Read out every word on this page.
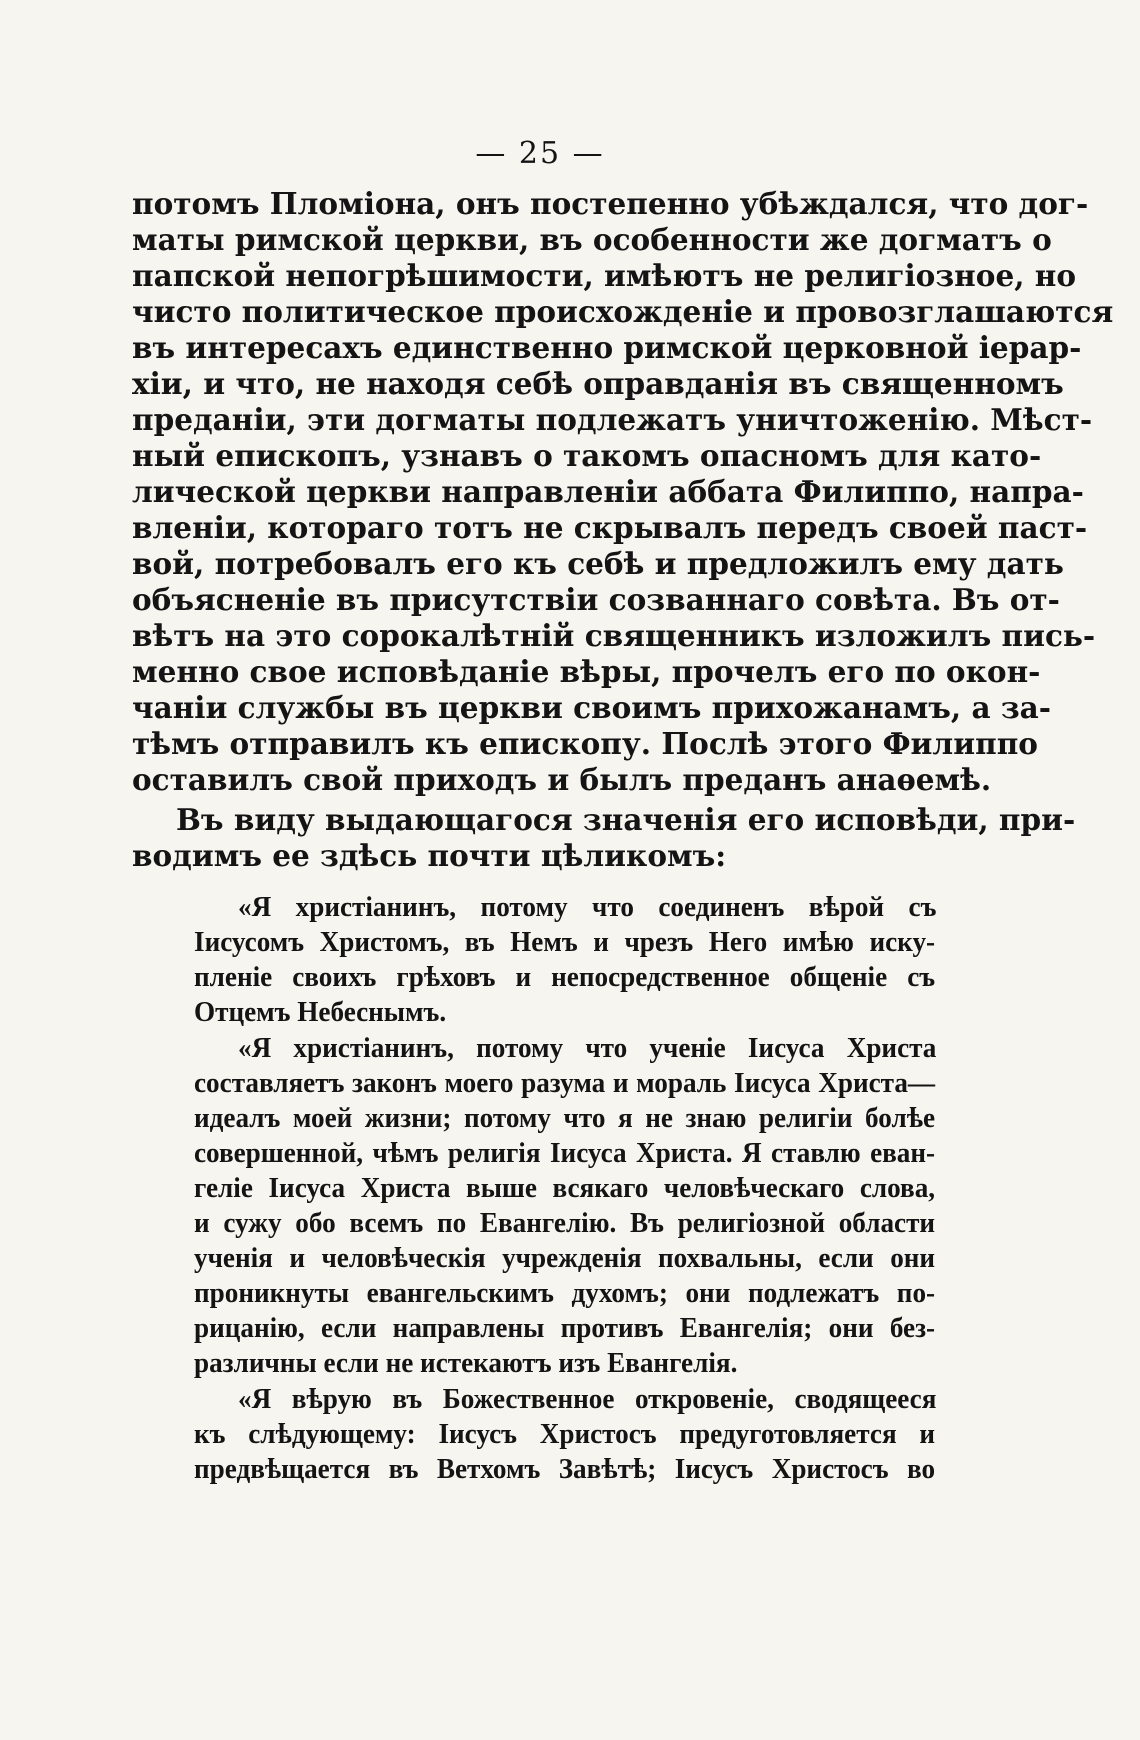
— 25 —
потомъ Пломіона, онъ постепенно убѣждался, что дог-
маты римской церкви, въ особенности же догматъ о
папской непогрѣшимости, имѣютъ не религіозное, но
чисто политическое происхожденіе и провозглашаются
въ интересахъ единственно римской церковной іерар-
хіи, и что, не находя себѣ оправданія въ священномъ
преданіи, эти догматы подлежатъ уничтоженію. Мѣст-
ный епископъ, узнавъ о такомъ опасномъ для като-
лической церкви направленіи аббата Филиппо, напра-
вленіи, котораго тотъ не скрывалъ передъ своей паст-
вой, потребовалъ его къ себѣ и предложилъ ему дать
объясненіе въ присутствіи созваннаго совѣта. Въ от-
вѣтъ на это сорокалѣтній священникъ изложилъ пись-
менно свое исповѣданіе вѣры, прочелъ его по окон-
чаніи службы въ церкви своимъ прихожанамъ, а за-
тѣмъ отправилъ къ епископу. Послѣ этого Филиппо
оставилъ свой приходъ и былъ преданъ анаѳемѣ.
Въ виду выдающагося значенія его исповѣди, при-
водимъ ее здѣсь почти цѣликомъ:
«Я христіанинъ, потому что соединенъ вѣрой съ
Іисусомъ Христомъ, въ Немъ и чрезъ Него имѣю иску-
пленіе своихъ грѣховъ и непосредственное общеніе съ
Отцемъ Небеснымъ.
«Я христіанинъ, потому что ученіе Іисуса Христа
составляетъ законъ моего разума и мораль Іисуса Христа—
идеалъ моей жизни; потому что я не знаю религіи болѣе
совершенной, чѣмъ религія Іисуса Христа. Я ставлю еван-
геліе Іисуса Христа выше всякаго человѣческаго слова,
и сужу обо всемъ по Евангелію. Въ религіозной области
ученія и человѣческія учрежденія похвальны, если они
проникнуты евангельскимъ духомъ; они подлежатъ по-
рицанію, если направлены противъ Евангелія; они без-
различны если не истекаютъ изъ Евангелія.
«Я вѣрую въ Божественное откровеніе, сводящееся
къ слѣдующему: Іисусъ Христосъ предуготовляется и
предвѣщается въ Ветхомъ Завѣтѣ; Іисусъ Христосъ во
